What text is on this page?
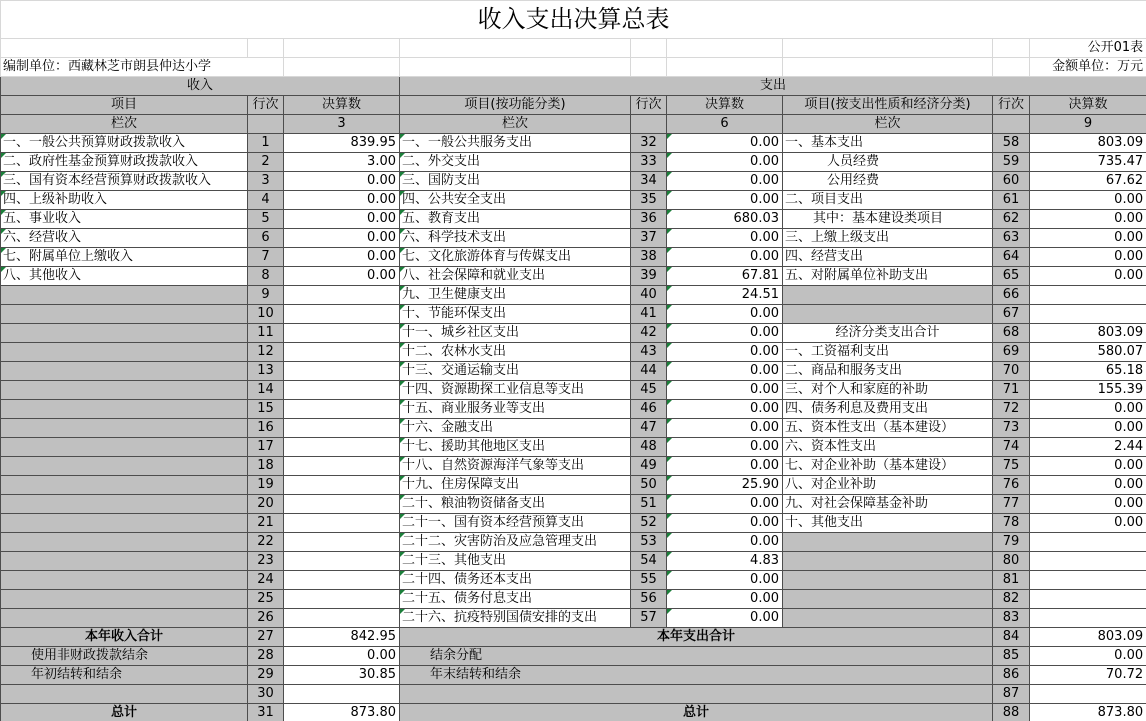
收入支出决算总表								
								公开01表
编制单位：西藏林芝市朗县仲达小学								金额单位：万元
收入			支出					
项目	行次	决算数	项目(按功能分类)	行次	决算数	项目(按支出性质和经济分类)	行次	决算数
栏次		3	栏次		6	栏次		9
一、一般公共预算财政拨款收入	1	839.95	一、一般公共服务支出	32	0.00	一、基本支出	58	803.09
二、政府性基金预算财政拨款收入	2	3.00	二、外交支出	33	0.00	人员经费	59	735.47
三、国有资本经营预算财政拨款收入	3	0.00	三、国防支出	34	0.00	公用经费	60	67.62
四、上级补助收入	4	0.00	四、公共安全支出	35	0.00	二、项目支出	61	0.00
五、事业收入	5	0.00	五、教育支出	36	680.03	其中：基本建设类项目	62	0.00
六、经营收入	6	0.00	六、科学技术支出	37	0.00	三、上缴上级支出	63	0.00
七、附属单位上缴收入	7	0.00	七、文化旅游体育与传媒支出	38	0.00	四、经营支出	64	0.00
八、其他收入	8	0.00	八、社会保障和就业支出	39	67.81	五、对附属单位补助支出	65	0.00
	9		九、卫生健康支出	40	24.51		66	
	10		十、节能环保支出	41	0.00		67	
	11		十一、城乡社区支出	42	0.00	经济分类支出合计	68	803.09
	12		十二、农林水支出	43	0.00	一、工资福利支出	69	580.07
	13		十三、交通运输支出	44	0.00	二、商品和服务支出	70	65.18
	14		十四、资源勘探工业信息等支出	45	0.00	三、对个人和家庭的补助	71	155.39
	15		十五、商业服务业等支出	46	0.00	四、债务利息及费用支出	72	0.00
	16		十六、金融支出	47	0.00	五、资本性支出（基本建设）	73	0.00
	17		十七、援助其他地区支出	48	0.00	六、资本性支出	74	2.44
	18		十八、自然资源海洋气象等支出	49	0.00	七、对企业补助（基本建设）	75	0.00
	19		十九、住房保障支出	50	25.90	八、对企业补助	76	0.00
	20		二十、粮油物资储备支出	51	0.00	九、对社会保障基金补助	77	0.00
	21		二十一、国有资本经营预算支出	52	0.00	十、其他支出	78	0.00
	22		二十二、灾害防治及应急管理支出	53	0.00		79	
	23		二十三、其他支出	54	4.83		80	
	24		二十四、债务还本支出	55	0.00		81	
	25		二十五、债务付息支出	56	0.00		82	
	26		二十六、抗疫特别国债安排的支出	57	0.00		83	
本年收入合计	27	842.95	本年支出合计				84	803.09
使用非财政拨款结余	28	0.00	结余分配				85	0.00
年初结转和结余	29	30.85	年末结转和结余				86	70.72
	30						87	
总计	31	873.80	总计				88	873.80
